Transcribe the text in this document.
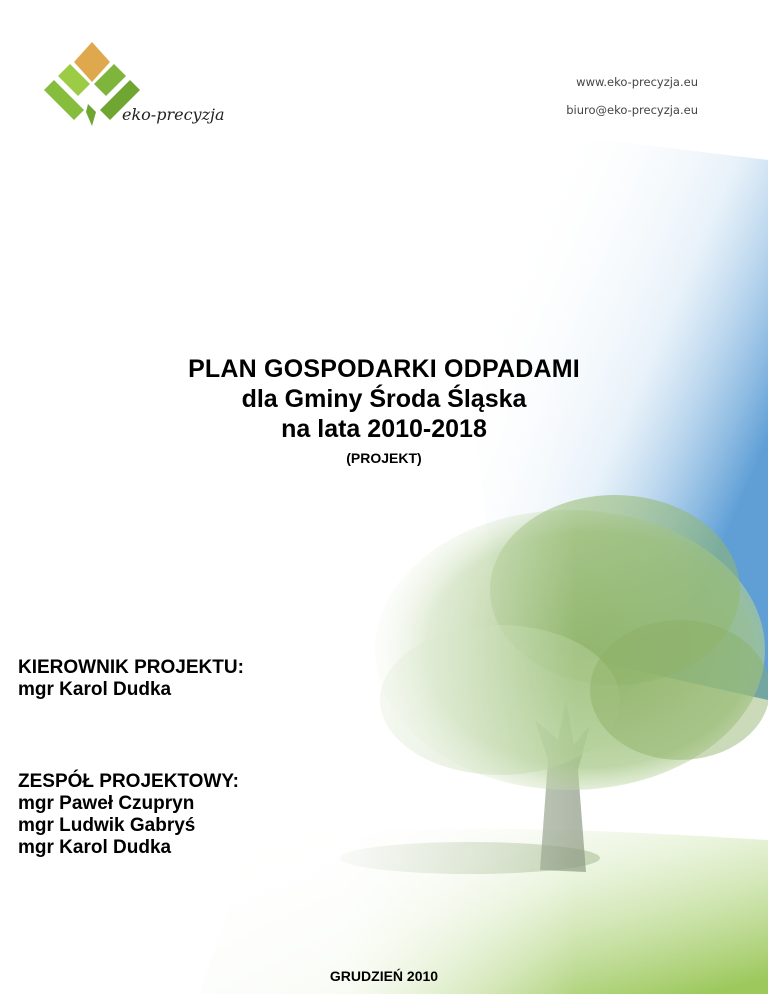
eko-precyzja
www.eko-precyzja.eu
biuro@eko-precyzja.eu
PLAN GOSPODARKI ODPADAMI
dla Gminy Środa Śląska
na lata 2010-2018
(PROJEKT)
KIEROWNIK PROJEKTU:
mgr Karol Dudka
ZESPÓŁ PROJEKTOWY:
mgr Paweł Czupryn
mgr Ludwik Gabryś
mgr Karol Dudka
GRUDZIEŃ 2010
